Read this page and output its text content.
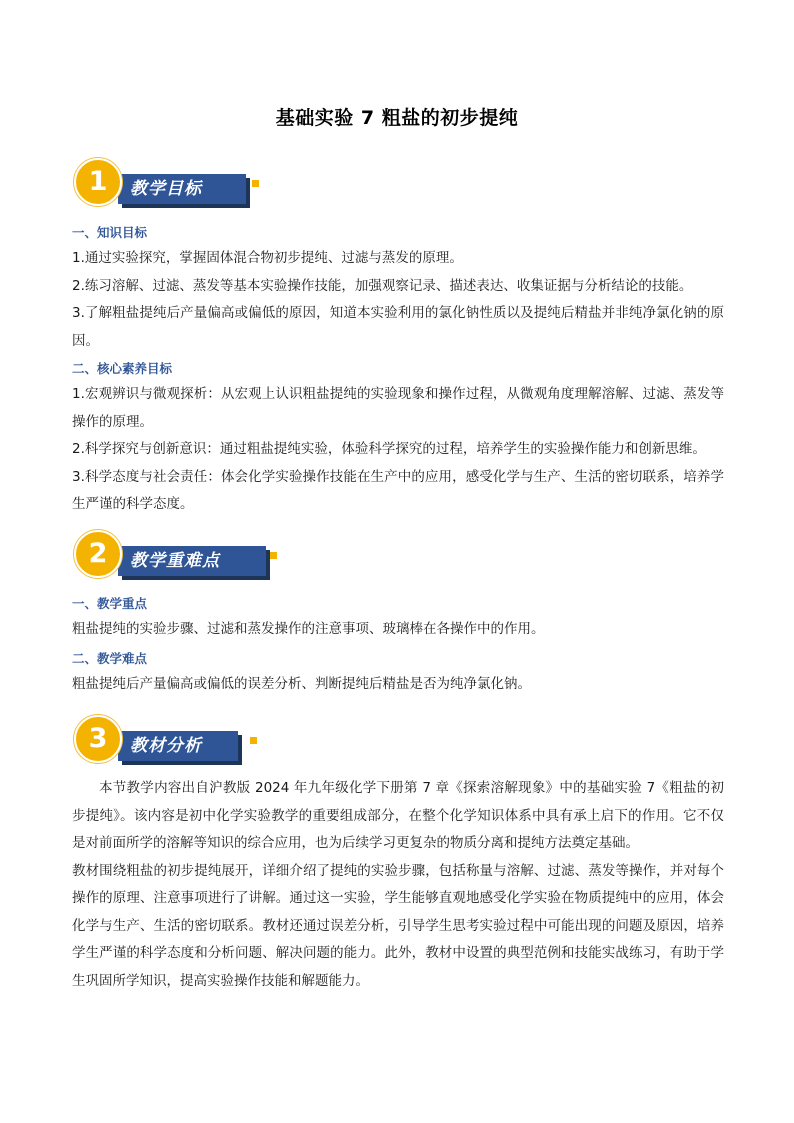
基础实验 7 粗盐的初步提纯
教学目标
1
一、知识目标

1.通过实验探究，掌握固体混合物初步提纯、过滤与蒸发的原理。

2.练习溶解、过滤、蒸发等基本实验操作技能，加强观察记录、描述表达、收集证据与分析结论的技能。

3.了解粗盐提纯后产量偏高或偏低的原因，知道本实验利用的氯化钠性质以及提纯后精盐并非纯净氯化钠的原因。

二、核心素养目标

1.宏观辨识与微观探析：从宏观上认识粗盐提纯的实验现象和操作过程，从微观角度理解溶解、过滤、蒸发等操作的原理。

2.科学探究与创新意识：通过粗盐提纯实验，体验科学探究的过程，培养学生的实验操作能力和创新思维。

3.科学态度与社会责任：体会化学实验操作技能在生产中的应用，感受化学与生产、生活的密切联系，培养学生严谨的科学态度。

教学重难点
2
一、教学重点

粗盐提纯的实验步骤、过滤和蒸发操作的注意事项、玻璃棒在各操作中的作用。

二、教学难点

粗盐提纯后产量偏高或偏低的误差分析、判断提纯后精盐是否为纯净氯化钠。

教材分析
3

本节教学内容出自沪教版 2024 年九年级化学下册第 7 章《探索溶解现象》中的基础实验 7《粗盐的初步提纯》。该内容是初中化学实验教学的重要组成部分，在整个化学知识体系中具有承上启下的作用。它不仅是对前面所学的溶解等知识的综合应用，也为后续学习更复杂的物质分离和提纯方法奠定基础。

教材围绕粗盐的初步提纯展开，详细介绍了提纯的实验步骤，包括称量与溶解、过滤、蒸发等操作，并对每个操作的原理、注意事项进行了讲解。通过这一实验，学生能够直观地感受化学实验在物质提纯中的应用，体会化学与生产、生活的密切联系。教材还通过误差分析，引导学生思考实验过程中可能出现的问题及原因，培养学生严谨的科学态度和分析问题、解决问题的能力。此外，教材中设置的典型范例和技能实战练习，有助于学生巩固所学知识，提高实验操作技能和解题能力。
